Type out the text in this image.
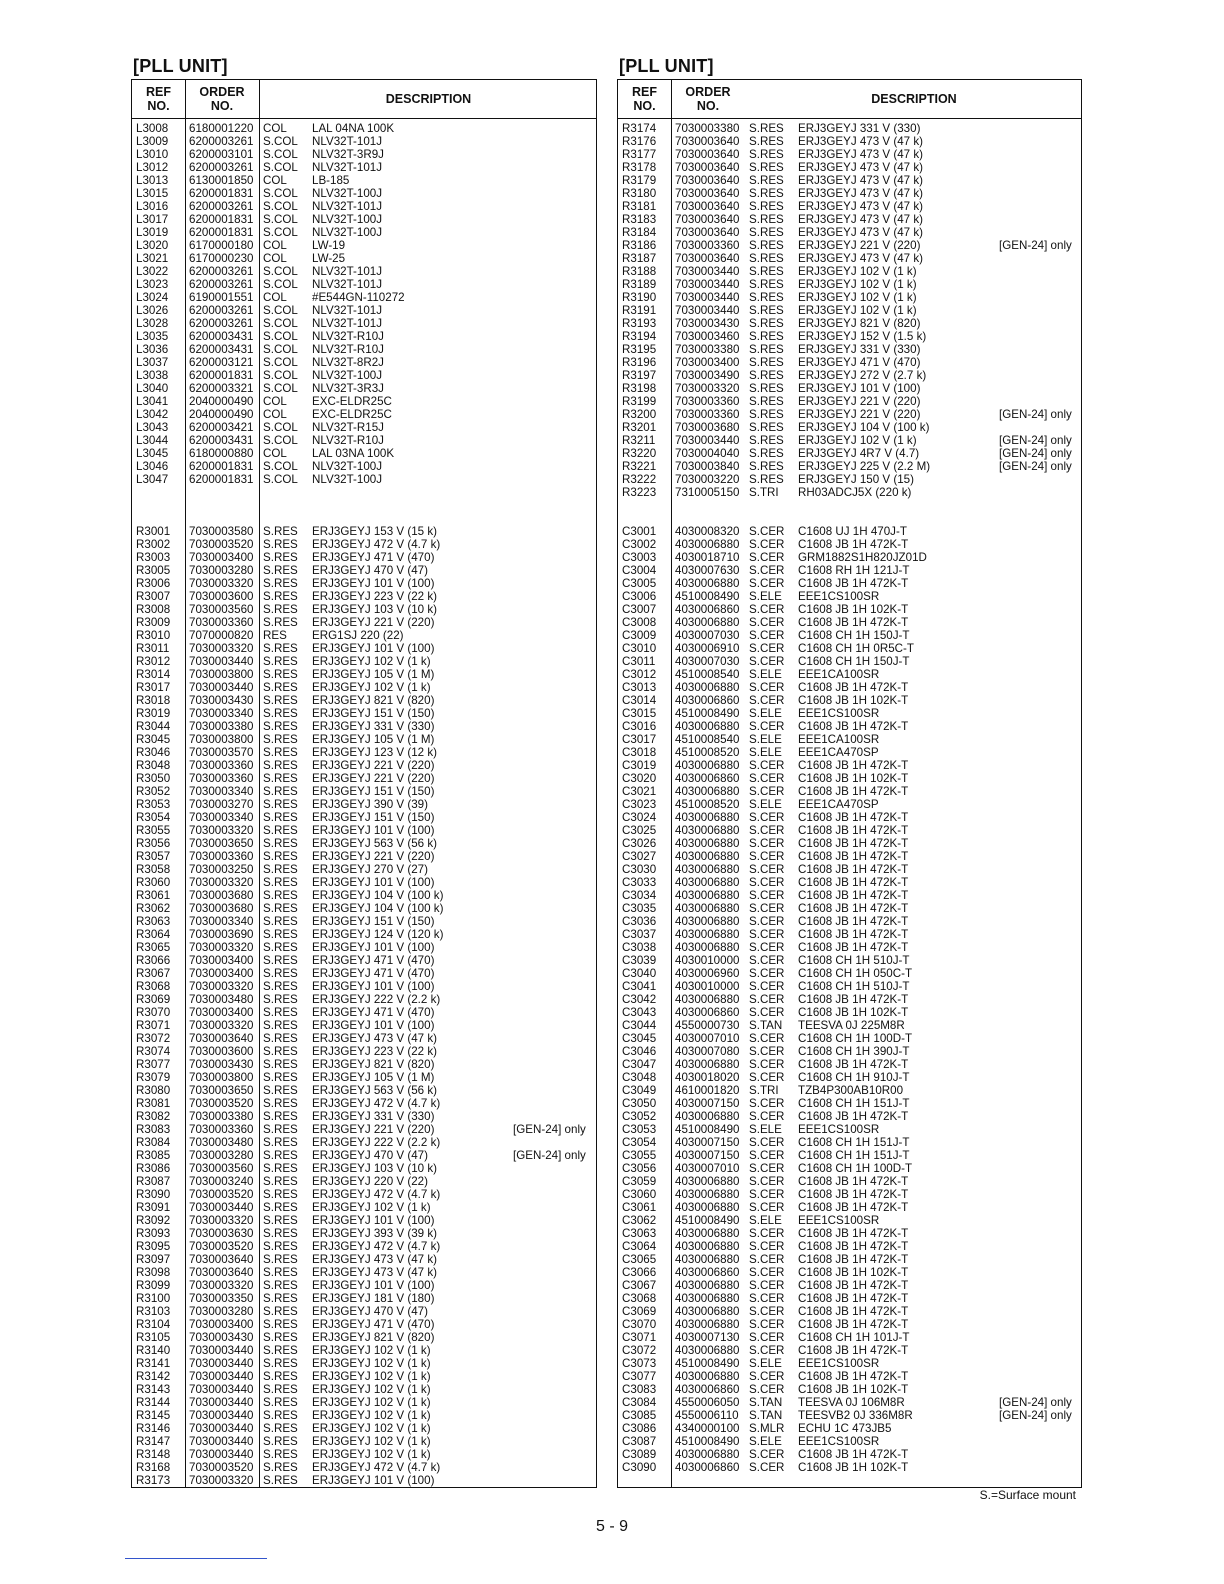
[PLL UNIT]
REF
NO.
ORDER
NO.	DESCRIPTION
L3008 6180001220 COL LAL 04NA 100K
L3009 6200003261 S.COL NLV32T-101J
L3010 6200003101 S.COL NLV32T-3R9J
L3012 6200003261 S.COL NLV32T-101J
L3013 6130001850 COL LB-185
L3015 6200001831 S.COL NLV32T-100J
L3016 6200003261 S.COL NLV32T-101J
L3017 6200001831 S.COL NLV32T-100J
L3019 6200001831 S.COL NLV32T-100J
L3020 6170000180 COL LW-19
L3021 6170000230 COL LW-25
L3022 6200003261 S.COL NLV32T-101J
L3023 6200003261 S.COL NLV32T-101J
L3024 6190001551 COL #E544GN-110272
L3026 6200003261 S.COL NLV32T-101J
L3028 6200003261 S.COL NLV32T-101J
L3035 6200003431 S.COL NLV32T-R10J
L3036 6200003431 S.COL NLV32T-R10J
L3037 6200003121 S.COL NLV32T-8R2J
L3038 6200001831 S.COL NLV32T-100J
L3040 6200003321 S.COL NLV32T-3R3J
L3041 2040000490 COL EXC-ELDR25C
L3042 2040000490 COL EXC-ELDR25C
L3043 6200003421 S.COL NLV32T-R15J
L3044 6200003431 S.COL NLV32T-R10J
L3045 6180000880 COL LAL 03NA 100K
L3046 6200001831 S.COL NLV32T-100J
L3047 6200001831 S.COL NLV32T-100J
R3001 7030003580 S.RES ERJ3GEYJ 153 V (15 k)
R3002 7030003520 S.RES ERJ3GEYJ 472 V (4.7 k)
R3003 7030003400 S.RES ERJ3GEYJ 471 V (470)
R3005 7030003280 S.RES ERJ3GEYJ 470 V (47)
R3006 7030003320 S.RES ERJ3GEYJ 101 V (100)
R3007 7030003600 S.RES ERJ3GEYJ 223 V (22 k)
R3008 7030003560 S.RES ERJ3GEYJ 103 V (10 k)
R3009 7030003360 S.RES ERJ3GEYJ 221 V (220)
R3010 7070000820 RES ERG1SJ 220 (22)
R3011 7030003320 S.RES ERJ3GEYJ 101 V (100)
R3012 7030003440 S.RES ERJ3GEYJ 102 V (1 k)
R3014 7030003800 S.RES ERJ3GEYJ 105 V (1 M)
R3017 7030003440 S.RES ERJ3GEYJ 102 V (1 k)
R3018 7030003430 S.RES ERJ3GEYJ 821 V (820)
R3019 7030003340 S.RES ERJ3GEYJ 151 V (150)
R3044 7030003380 S.RES ERJ3GEYJ 331 V (330)
R3045 7030003800 S.RES ERJ3GEYJ 105 V (1 M)
R3046 7030003570 S.RES ERJ3GEYJ 123 V (12 k)
R3048 7030003360 S.RES ERJ3GEYJ 221 V (220)
R3050 7030003360 S.RES ERJ3GEYJ 221 V (220)
R3052 7030003340 S.RES ERJ3GEYJ 151 V (150)
R3053 7030003270 S.RES ERJ3GEYJ 390 V (39)
R3054 7030003340 S.RES ERJ3GEYJ 151 V (150)
R3055 7030003320 S.RES ERJ3GEYJ 101 V (100)
R3056 7030003650 S.RES ERJ3GEYJ 563 V (56 k)
R3057 7030003360 S.RES ERJ3GEYJ 221 V (220)
R3058 7030003250 S.RES ERJ3GEYJ 270 V (27)
R3060 7030003320 S.RES ERJ3GEYJ 101 V (100)
R3061 7030003680 S.RES ERJ3GEYJ 104 V (100 k)
R3062 7030003680 S.RES ERJ3GEYJ 104 V (100 k)
R3063 7030003340 S.RES ERJ3GEYJ 151 V (150)
R3064 7030003690 S.RES ERJ3GEYJ 124 V (120 k)
R3065 7030003320 S.RES ERJ3GEYJ 101 V (100)
R3066 7030003400 S.RES ERJ3GEYJ 471 V (470)
R3067 7030003400 S.RES ERJ3GEYJ 471 V (470)
R3068 7030003320 S.RES ERJ3GEYJ 101 V (100)
R3069 7030003480 S.RES ERJ3GEYJ 222 V (2.2 k)
R3070 7030003400 S.RES ERJ3GEYJ 471 V (470)
R3071 7030003320 S.RES ERJ3GEYJ 101 V (100)
R3072 7030003640 S.RES ERJ3GEYJ 473 V (47 k)
R3074 7030003600 S.RES ERJ3GEYJ 223 V (22 k)
R3077 7030003430 S.RES ERJ3GEYJ 821 V (820)
R3079 7030003800 S.RES ERJ3GEYJ 105 V (1 M)
R3080 7030003650 S.RES ERJ3GEYJ 563 V (56 k)
R3081 7030003520 S.RES ERJ3GEYJ 472 V (4.7 k)
R3082 7030003380 S.RES ERJ3GEYJ 331 V (330)
R3083 7030003360 S.RES ERJ3GEYJ 221 V (220)	[GEN-24] only
R3084 7030003480 S.RES ERJ3GEYJ 222 V (2.2 k)
R3085 7030003280 S.RES ERJ3GEYJ 470 V (47)	[GEN-24] only
R3086 7030003560 S.RES ERJ3GEYJ 103 V (10 k)
R3087 7030003240 S.RES ERJ3GEYJ 220 V (22)
R3090 7030003520 S.RES ERJ3GEYJ 472 V (4.7 k)
R3091 7030003440 S.RES ERJ3GEYJ 102 V (1 k)
R3092 7030003320 S.RES ERJ3GEYJ 101 V (100)
R3093 7030003630 S.RES ERJ3GEYJ 393 V (39 k)
R3095 7030003520 S.RES ERJ3GEYJ 472 V (4.7 k)
R3097 7030003640 S.RES ERJ3GEYJ 473 V (47 k)
R3098 7030003640 S.RES ERJ3GEYJ 473 V (47 k)
R3099 7030003320 S.RES ERJ3GEYJ 101 V (100)
R3100 7030003350 S.RES ERJ3GEYJ 181 V (180)
R3103 7030003280 S.RES ERJ3GEYJ 470 V (47)
R3104 7030003400 S.RES ERJ3GEYJ 471 V (470)
R3105 7030003430 S.RES ERJ3GEYJ 821 V (820)
R3140 7030003440 S.RES ERJ3GEYJ 102 V (1 k)
R3141 7030003440 S.RES ERJ3GEYJ 102 V (1 k)
R3142 7030003440 S.RES ERJ3GEYJ 102 V (1 k)
R3143 7030003440 S.RES ERJ3GEYJ 102 V (1 k)
R3144 7030003440 S.RES ERJ3GEYJ 102 V (1 k)
R3145 7030003440 S.RES ERJ3GEYJ 102 V (1 k)
R3146 7030003440 S.RES ERJ3GEYJ 102 V (1 k)
R3147 7030003440 S.RES ERJ3GEYJ 102 V (1 k)
R3148 7030003440 S.RES ERJ3GEYJ 102 V (1 k)
R3168 7030003520 S.RES ERJ3GEYJ 472 V (4.7 k)
R3173 7030003320 S.RES ERJ3GEYJ 101 V (100)
[PLL UNIT]
REF
NO.
ORDER
NO.	DESCRIPTION
R3174 7030003380 S.RES ERJ3GEYJ 331 V (330)
R3176 7030003640 S.RES ERJ3GEYJ 473 V (47 k)
R3177 7030003640 S.RES ERJ3GEYJ 473 V (47 k)
R3178 7030003640 S.RES ERJ3GEYJ 473 V (47 k)
R3179 7030003640 S.RES ERJ3GEYJ 473 V (47 k)
R3180 7030003640 S.RES ERJ3GEYJ 473 V (47 k)
R3181 7030003640 S.RES ERJ3GEYJ 473 V (47 k)
R3183 7030003640 S.RES ERJ3GEYJ 473 V (47 k)
R3184 7030003640 S.RES ERJ3GEYJ 473 V (47 k)
R3186 7030003360 S.RES ERJ3GEYJ 221 V (220)	[GEN-24] only
R3187 7030003640 S.RES ERJ3GEYJ 473 V (47 k)
R3188 7030003440 S.RES ERJ3GEYJ 102 V (1 k)
R3189 7030003440 S.RES ERJ3GEYJ 102 V (1 k)
R3190 7030003440 S.RES ERJ3GEYJ 102 V (1 k)
R3191 7030003440 S.RES ERJ3GEYJ 102 V (1 k)
R3193 7030003430 S.RES ERJ3GEYJ 821 V (820)
R3194 7030003460 S.RES ERJ3GEYJ 152 V (1.5 k)
R3195 7030003380 S.RES ERJ3GEYJ 331 V (330)
R3196 7030003400 S.RES ERJ3GEYJ 471 V (470)
R3197 7030003490 S.RES ERJ3GEYJ 272 V (2.7 k)
R3198 7030003320 S.RES ERJ3GEYJ 101 V (100)
R3199 7030003360 S.RES ERJ3GEYJ 221 V (220)
R3200 7030003360 S.RES ERJ3GEYJ 221 V (220)	[GEN-24] only
R3201 7030003680 S.RES ERJ3GEYJ 104 V (100 k)
R3211 7030003440 S.RES ERJ3GEYJ 102 V (1 k)	[GEN-24] only
R3220 7030004040 S.RES ERJ3GEYJ 4R7 V (4.7)	[GEN-24] only
R3221 7030003840 S.RES ERJ3GEYJ 225 V (2.2 M)	[GEN-24] only
R3222 7030003220 S.RES ERJ3GEYJ 150 V (15)
R3223 7310005150 S.TRI RH03ADCJ5X (220 k)
C3001 4030008320 S.CER C1608 UJ 1H 470J-T
C3002 4030006880 S.CER C1608 JB 1H 472K-T
C3003 4030018710 S.CER GRM1882S1H820JZ01D
C3004 4030007630 S.CER C1608 RH 1H 121J-T
C3005 4030006880 S.CER C1608 JB 1H 472K-T
C3006 4510008490 S.ELE EEE1CS100SR
C3007 4030006860 S.CER C1608 JB 1H 102K-T
C3008 4030006880 S.CER C1608 JB 1H 472K-T
C3009 4030007030 S.CER C1608 CH 1H 150J-T
C3010 4030006910 S.CER C1608 CH 1H 0R5C-T
C3011 4030007030 S.CER C1608 CH 1H 150J-T
C3012 4510008540 S.ELE EEE1CA100SR
C3013 4030006880 S.CER C1608 JB 1H 472K-T
C3014 4030006860 S.CER C1608 JB 1H 102K-T
C3015 4510008490 S.ELE EEE1CS100SR
C3016 4030006880 S.CER C1608 JB 1H 472K-T
C3017 4510008540 S.ELE EEE1CA100SR
C3018 4510008520 S.ELE EEE1CA470SP
C3019 4030006880 S.CER C1608 JB 1H 472K-T
C3020 4030006860 S.CER C1608 JB 1H 102K-T
C3021 4030006880 S.CER C1608 JB 1H 472K-T
C3023 4510008520 S.ELE EEE1CA470SP
C3024 4030006880 S.CER C1608 JB 1H 472K-T
C3025 4030006880 S.CER C1608 JB 1H 472K-T
C3026 4030006880 S.CER C1608 JB 1H 472K-T
C3027 4030006880 S.CER C1608 JB 1H 472K-T
C3030 4030006880 S.CER C1608 JB 1H 472K-T
C3033 4030006880 S.CER C1608 JB 1H 472K-T
C3034 4030006880 S.CER C1608 JB 1H 472K-T
C3035 4030006880 S.CER C1608 JB 1H 472K-T
C3036 4030006880 S.CER C1608 JB 1H 472K-T
C3037 4030006880 S.CER C1608 JB 1H 472K-T
C3038 4030006880 S.CER C1608 JB 1H 472K-T
C3039 4030010000 S.CER C1608 CH 1H 510J-T
C3040 4030006960 S.CER C1608 CH 1H 050C-T
C3041 4030010000 S.CER C1608 CH 1H 510J-T
C3042 4030006880 S.CER C1608 JB 1H 472K-T
C3043 4030006860 S.CER C1608 JB 1H 102K-T
C3044 4550000730 S.TAN TEESVA 0J 225M8R
C3045 4030007010 S.CER C1608 CH 1H 100D-T
C3046 4030007080 S.CER C1608 CH 1H 390J-T
C3047 4030006880 S.CER C1608 JB 1H 472K-T
C3048 4030018020 S.CER C1608 CH 1H 910J-T
C3049 4610001820 S.TRI TZB4P300AB10R00
C3050 4030007150 S.CER C1608 CH 1H 151J-T
C3052 4030006880 S.CER C1608 JB 1H 472K-T
C3053 4510008490 S.ELE EEE1CS100SR
C3054 4030007150 S.CER C1608 CH 1H 151J-T
C3055 4030007150 S.CER C1608 CH 1H 151J-T
C3056 4030007010 S.CER C1608 CH 1H 100D-T
C3059 4030006880 S.CER C1608 JB 1H 472K-T
C3060 4030006880 S.CER C1608 JB 1H 472K-T
C3061 4030006880 S.CER C1608 JB 1H 472K-T
C3062 4510008490 S.ELE EEE1CS100SR
C3063 4030006880 S.CER C1608 JB 1H 472K-T
C3064 4030006880 S.CER C1608 JB 1H 472K-T
C3065 4030006880 S.CER C1608 JB 1H 472K-T
C3066 4030006860 S.CER C1608 JB 1H 102K-T
C3067 4030006880 S.CER C1608 JB 1H 472K-T
C3068 4030006880 S.CER C1608 JB 1H 472K-T
C3069 4030006880 S.CER C1608 JB 1H 472K-T
C3070 4030006880 S.CER C1608 JB 1H 472K-T
C3071 4030007130 S.CER C1608 CH 1H 101J-T
C3072 4030006880 S.CER C1608 JB 1H 472K-T
C3073 4510008490 S.ELE EEE1CS100SR
C3077 4030006880 S.CER C1608 JB 1H 472K-T
C3083 4030006860 S.CER C1608 JB 1H 102K-T
C3084 4550006050 S.TAN TEESVA 0J 106M8R	[GEN-24] only
C3085 4550006110 S.TAN TEESVB2 0J 336M8R	[GEN-24] only
C3086 4340000100 S.MLR ECHU 1C 473JB5
C3087 4510008490 S.ELE EEE1CS100SR
C3089 4030006880 S.CER C1608 JB 1H 472K-T
C3090 4030006860 S.CER C1608 JB 1H 102K-T
S.=Surface mount
5 - 9
